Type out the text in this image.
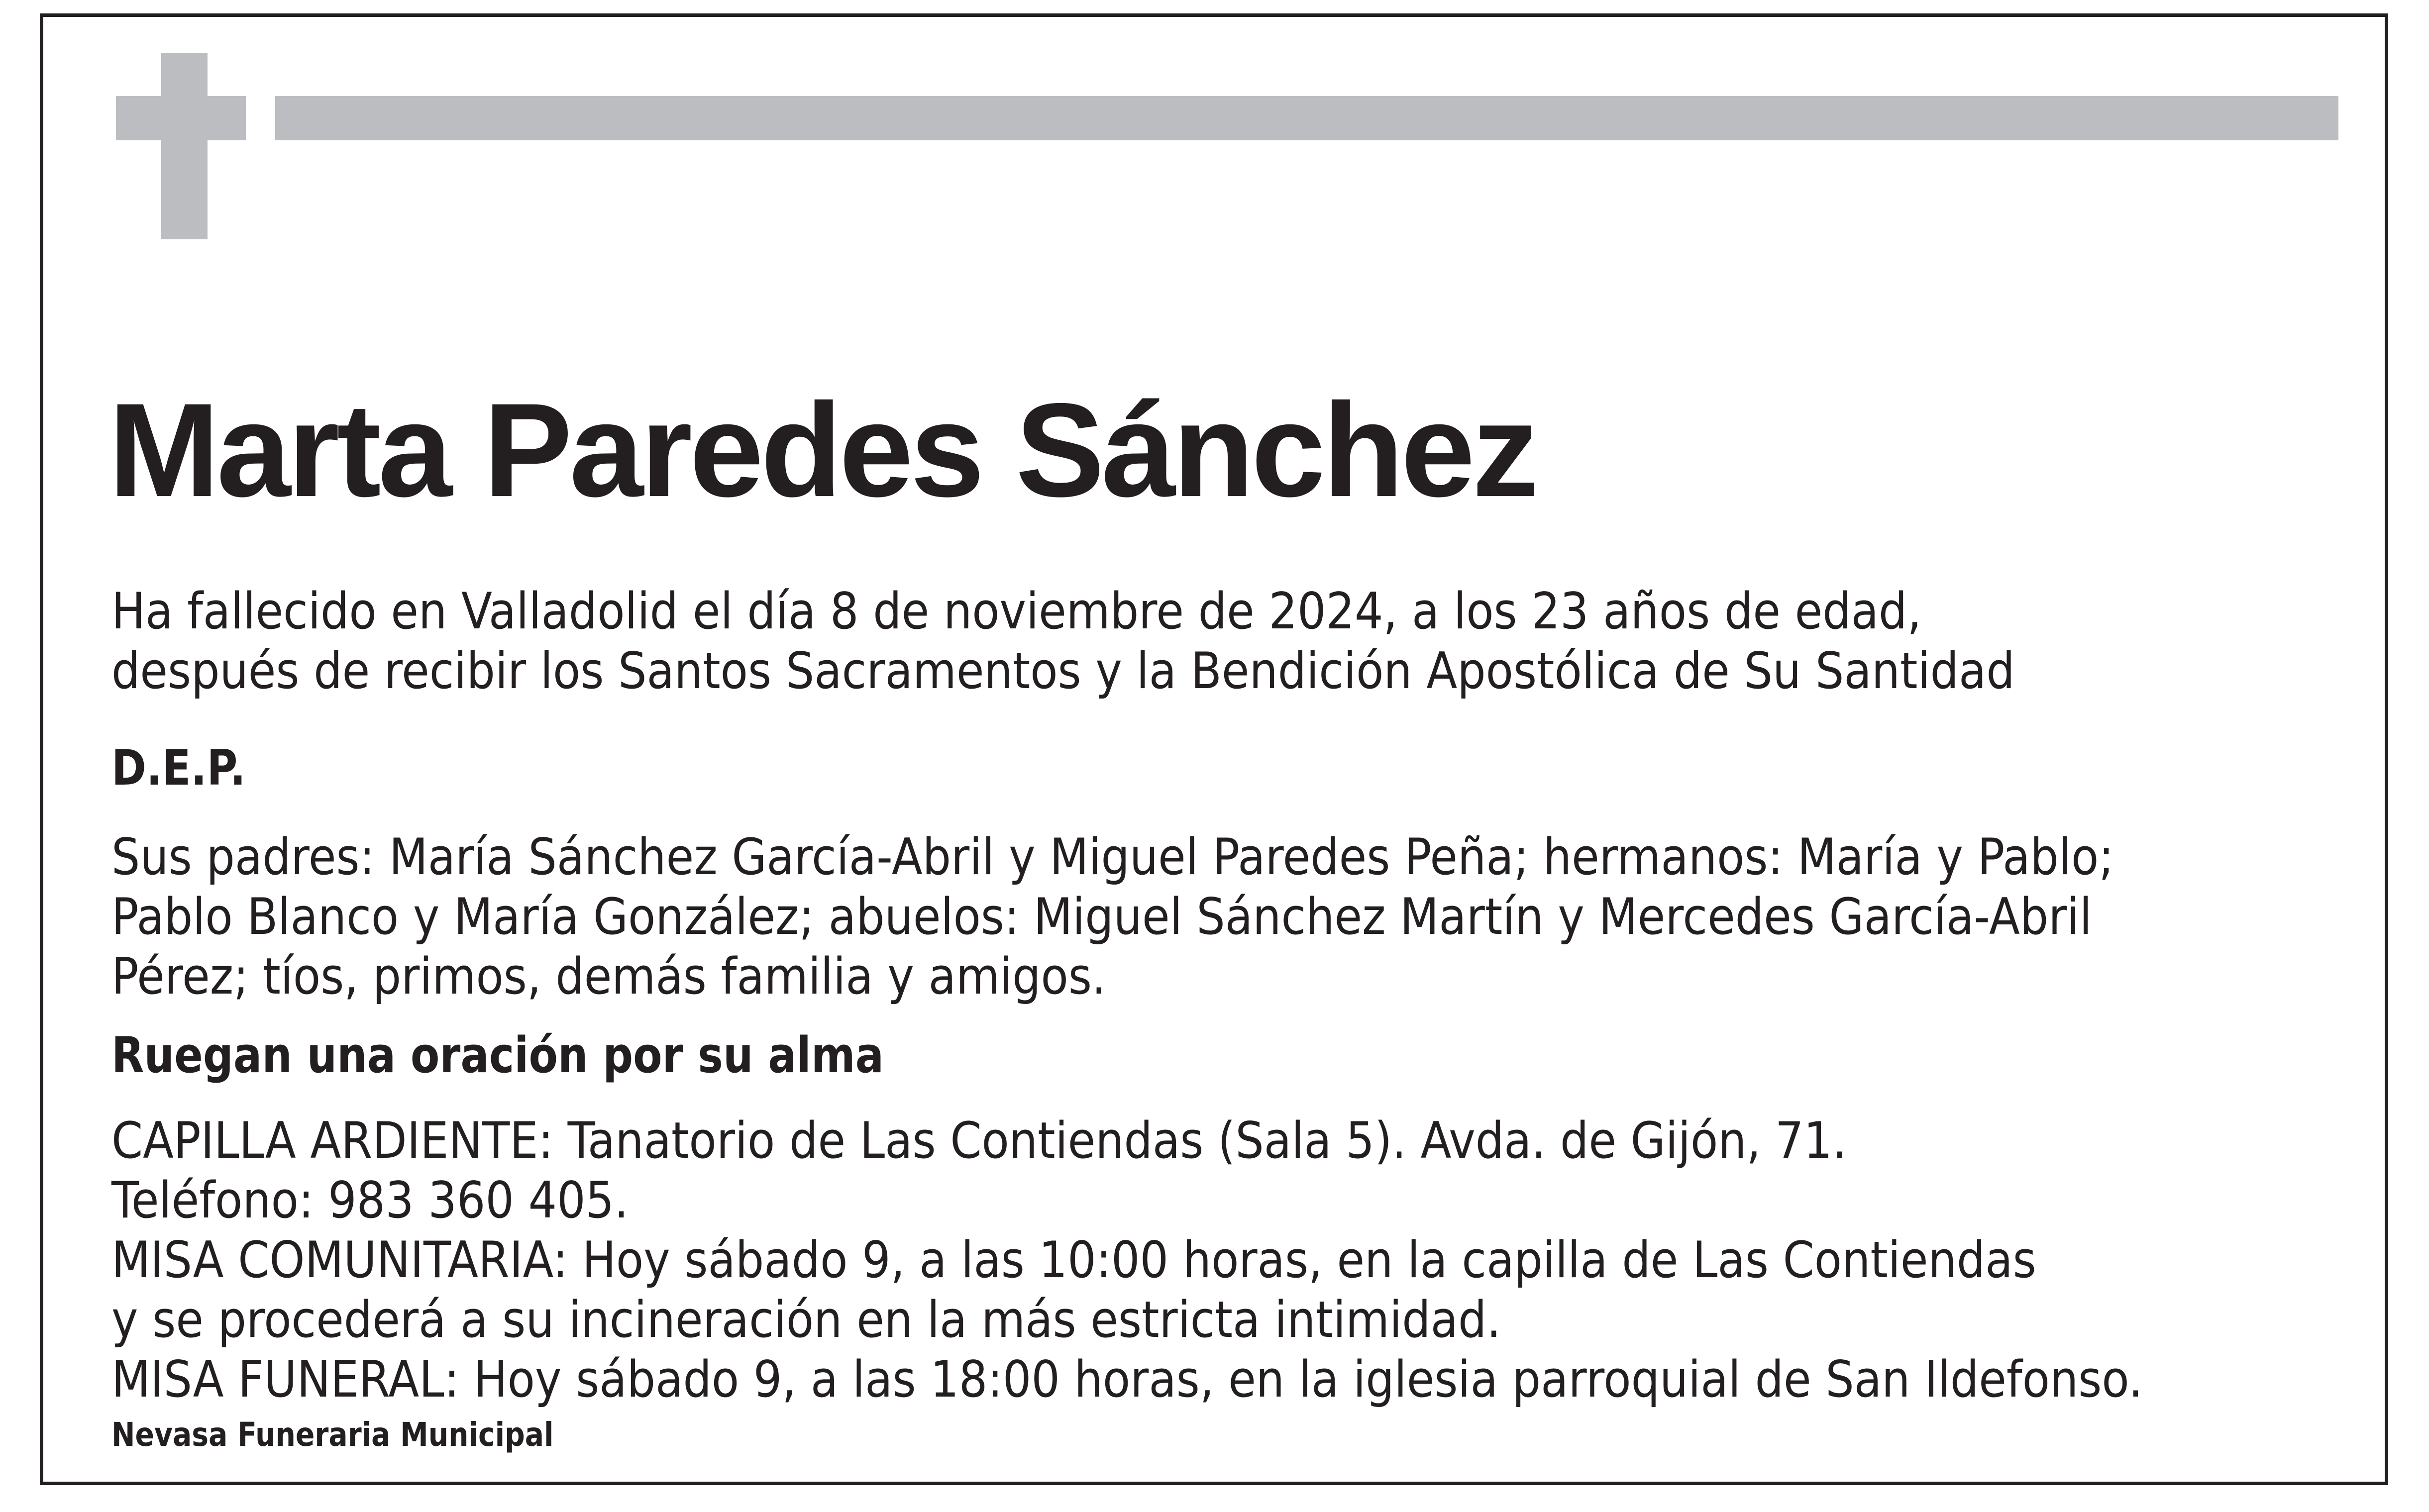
Marta Paredes Sánchez

Ha fallecido en Valladolid el día 8 de noviembre de 2024, a los 23 años de edad,
después de recibir los Santos Sacramentos y la Bendición Apostólica de Su Santidad

D.E.P.

Sus padres: María Sánchez García-Abril y Miguel Paredes Peña; hermanos: María y Pablo;
Pablo Blanco y María González; abuelos: Miguel Sánchez Martín y Mercedes García-Abril
Pérez; tíos, primos, demás familia y amigos.

Ruegan una oración por su alma

CAPILLA ARDIENTE: Tanatorio de Las Contiendas (Sala 5). Avda. de Gijón, 71.
Teléfono: 983 360 405.
MISA COMUNITARIA: Hoy sábado 9, a las 10:00 horas, en la capilla de Las Contiendas
y se procederá a su incineración en la más estricta intimidad.
MISA FUNERAL: Hoy sábado 9, a las 18:00 horas, en la iglesia parroquial de San Ildefonso.

Nevasa Funeraria Municipal
